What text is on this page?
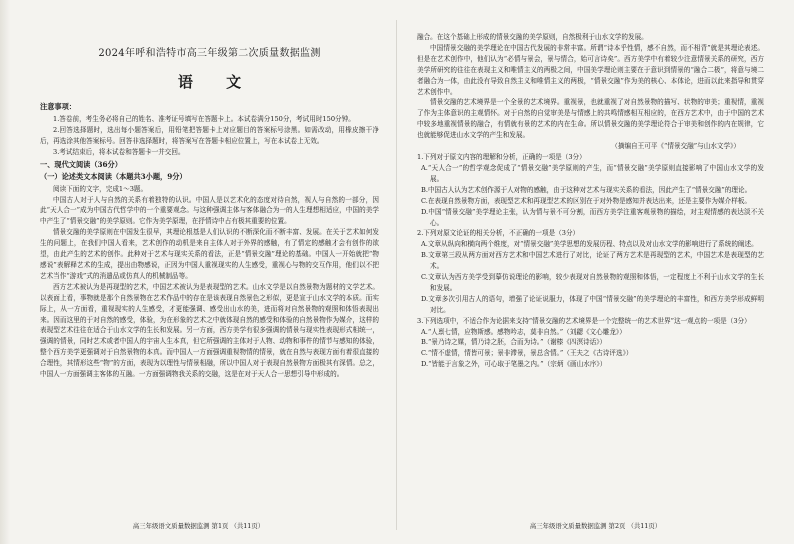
2024年呼和浩特市高三年级第二次质量数据监测
语 文
注意事项：

1.答卷前，考生务必将自己的姓名、准考证号填写在答题卡上。本试卷满分150分，考试用时150分钟。

2.回答选择题时，选出每小题答案后，用铅笔把答题卡上对应题目的答案标号涂黑。如需改动，用橡皮擦干净后，再选涂其他答案标号。回答非选择题时，将答案写在答题卡相应位置上，写在本试卷上无效。

3.考试结束后，将本试卷和答题卡一并交回。

一、现代文阅读（36分）
（一）论述类文本阅读（本题共3小题，9分）

阅读下面的文字，完成1～3题。

中国古人对于人与自然的关系有着独特的认识。中国人是以艺术化的态度对待自然，视人与自然的一部分，因此“天人合一”成为中国古代哲学中的一个重要观念。与这种强调主体与客体融合为一的人生理想相适应，中国的美学中产生了“情景交融”的美学原则。它作为美学原理，在抒情诗中占有极其重要的位置。

情景交融的美学原则在中国发生很早，其理论根基是人们认识的不断深化而不断丰富、发展。在关于艺术如何发生的问题上，在我们中国人看来，艺术创作的动机是来自主体人对于外界的感触，有了情定的感触才会有创作的欲望，由此产生的艺术的创作。此种对于艺术与现实关系的看法，正是“情景交融”理论的基础。中国人一开始就把“物感说”表解释艺术的生成，提出由物感说，正因为中国人重视现实的人生感受，重视心与物的交互作用，他们以不把艺术当作“游戏”式的消遣品或仿真人的机械制品等。

西方艺术被认为是再现型的艺术，中国艺术被认为是表现型的艺术。山水文学是以自然景物为题材的文学艺术。以表面上看，事物就是那个自然景物在艺术作品中的存在是该表现自然景色之形似，更是宣于山水文学的本质。而实际上，从一方面看，重视现实的人生感受，才更能强调、感受出山水的美，进而将对自然景物的观照和体悟表现出来。因而这里的于对自然的感受，体验，为在形象的艺术之中就体现自然的感受和体验的自然景物作为媒介，这样的表现型艺术往往在适合于山水文学的生长和发展。另一方面，西方美学有很多强调的情景与现实性表现形式相统一，强调的情景，同时艺术或者中国人的宇宙人生本真，但它所强调的主体对于人物、动物和事件的情节与感知的体验，整个西方美学更强调对于自然景物的本真。而中国人一方面强调重视物情的情景，就在自然与表现方面有着很直接的合理性，其情形这些“物”的方面，表现为以理性与情景相融，所以中国人对于表现自然景物方面极其有深情。总之，中国人一方面强调主客体的互融。一方面强调物我关系的交融，这是在对于天人合一思想引导中形成的。

高三年级语文质量数据监测 第1页 （共11页）

融合。在这个基础上形成的情景交融的美学原则，自然极利于山水文学的发展。

中国情景交融的美学理论在中国古代发展的非常丰富。所谓“诗本乎性情，感不自然，而不相背”就是其理论表述。但是在艺术创作中，他们认为“必情与景会，景与情合，始可言诗矣”。西方美学中有着较少注意情景关系的研究，西方美学所研究的往往在表现主义和唯情主义的两极之间，中国美学理论则主要在于意识到情景的“融合二极”，将意与境二者融合为一体，由此没有导致自然主义和唯情主义的两极，“情景交融”作为美的核心、本体论，进而以此来指导和贯穿艺术创作中。

情景交融的艺术境界是一个全景的艺术境界。重视景，也就重视了对自然景物的描写、状物的审美；重视情，重视了作为主体意识的主观情怀。对于自然的自觉审美是与情感上的共鸣情感相互相应的，在西方艺术中，由于中国的艺术中较多地重视情景的融合，有情就有景的艺术的内在生命。所以情景交融的美学理论符合于审美和创作的内在规律，它也就能够促进山水文学的产生和发展。

（摘编自王可平《“情景交融”与山水文学》）
1.下列对于原文内容的理解和分析，正确的一项是（3分）
A.“天人合一”的哲学观念促成了“情景交融”美学原则的产生，而“情景交融”美学原则直接影响了中国山水文学的发展。
B.中国古人认为艺术创作源于人对物的感触，由于这种对艺术与现实关系的看法，因此产生了“情景交融”的理论。
C.在表现自然景物方面，表现型艺术和再现型艺术的区别在于对外物是感知并表达出来，还是主要作为媒介样板。
D.中国“情景交融”美学理论主张，认为情与景不可分割，而西方美学注重客观景物的描绘，对主观情感的表达淡不关心。
2.下列对原文论证的相关分析，不正确的一项是（3分）
A.文章从纵向和横向两个维度，对“情景交融”美学思想的发展历程、特点以及对山水文学的影响进行了系统的阐述。
B.文章第三段从两方面对西方艺术和中国艺术进行了对比，论证了两方艺术是再现型的艺术，中国艺术是表现型的艺术。
C.文章认为西方美学受到摹仿说理论的影响，较少表现对自然景物的观照和体悟，一定程度上不利于山水文学的生长和发展。
D.文章多次引用古人的语句，增强了论证说服力，体现了中国“情景交融”的美学理论的丰富性，和西方美学形成鲜明对比。
3.下列选项中，不适合作为论据来支持“情景交融的艺术境界是一个完整统一的艺术世界”这一观点的一项是（3分）
A.“人禀七情，应物斯感。感物吟志，莫非自然。”（刘勰《文心雕龙》）
B.“景乃诗之媒，情乃诗之胚，合而为诗。”（谢榛《四溟诗话》）
C.“情不虚情，情皆可景；景非滞景，景总含情。”（王夫之《古诗评选》）
D.“皆能于言象之外，可心取于笔墨之内。”（宗炳《画山水序》）
高三年级语文质量数据监测 第2页 （共11页）
